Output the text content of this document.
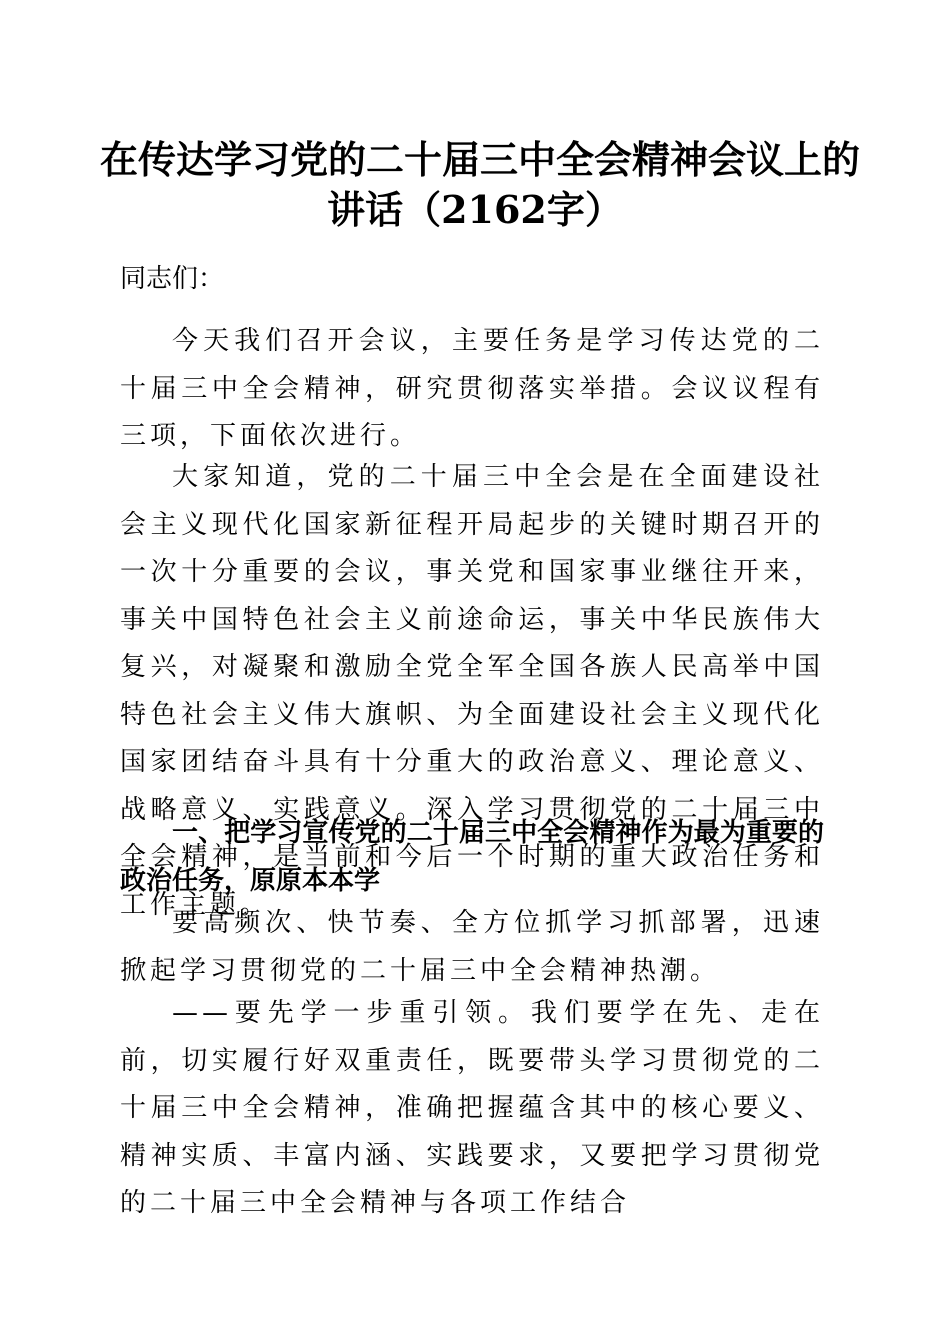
在传达学习党的二十届三中全会精神会议上的
讲话（2162字）

同志们：

今天我们召开会议，主要任务是学习传达党的二十届三中全会精神，研究贯彻落实举措。会议议程有三项，下面依次进行。

大家知道，党的二十届三中全会是在全面建设社会主义现代化国家新征程开局起步的关键时期召开的一次十分重要的会议，事关党和国家事业继往开来，事关中国特色社会主义前途命运，事关中华民族伟大复兴，对凝聚和激励全党全军全国各族人民高举中国特色社会主义伟大旗帜、为全面建设社会主义现代化国家团结奋斗具有十分重大的政治意义、理论意义、战略意义、实践意义。深入学习贯彻党的二十届三中全会精神，是当前和今后一个时期的重大政治任务和工作主题。

一、把学习宣传党的二十届三中全会精神作为最为重要的政治任务，原原本本学

要高频次、快节奏、全方位抓学习抓部署，迅速掀起学习贯彻党的二十届三中全会精神热潮。

——要先学一步重引领。我们要学在先、走在前，切实履行好双重责任，既要带头学习贯彻党的二十届三中全会精神，准确把握蕴含其中的核心要义、精神实质、丰富内涵、实践要求，又要把学习贯彻党的二十届三中全会精神与各项工作结合
